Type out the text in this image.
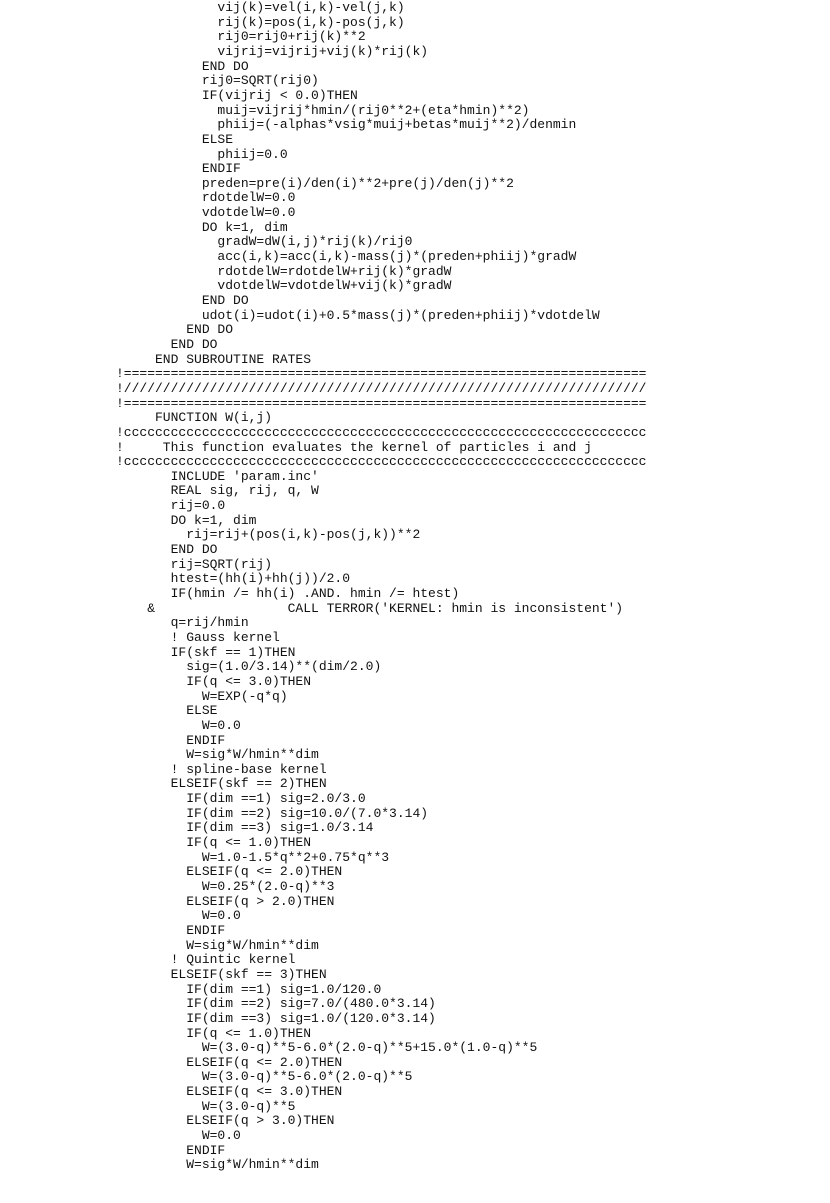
vij(k)=vel(i,k)-vel(j,k)
rij(k)=pos(i,k)-pos(j,k)
rij0=rij0+rij(k)**2
vijrij=vijrij+vij(k)*rij(k)
END DO
rij0=SQRT(rij0)
IF(vijrij < 0.0)THEN
muij=vijrij*hmin/(rij0**2+(eta*hmin)**2)
phiij=(-alphas*vsig*muij+betas*muij**2)/denmin
ELSE
phiij=0.0
ENDIF
preden=pre(i)/den(i)**2+pre(j)/den(j)**2
rdotdelW=0.0
vdotdelW=0.0
DO k=1, dim
gradW=dW(i,j)*rij(k)/rij0
acc(i,k)=acc(i,k)-mass(j)*(preden+phiij)*gradW
rdotdelW=rdotdelW+rij(k)*gradW
vdotdelW=vdotdelW+vij(k)*gradW
END DO
udot(i)=udot(i)+0.5*mass(j)*(preden+phiij)*vdotdelW
END DO
END DO
END SUBROUTINE RATES
!===================================================================
!///////////////////////////////////////////////////////////////////
!===================================================================
FUNCTION W(i,j)
!ccccccccccccccccccccccccccccccccccccccccccccccccccccccccccccccccccc
!     This function evaluates the kernel of particles i and j
!ccccccccccccccccccccccccccccccccccccccccccccccccccccccccccccccccccc
INCLUDE 'param.inc'
REAL sig, rij, q, W
rij=0.0
DO k=1, dim
rij=rij+(pos(i,k)-pos(j,k))**2
END DO
rij=SQRT(rij)
htest=(hh(i)+hh(j))/2.0
IF(hmin /= hh(i) .AND. hmin /= htest)
&                 CALL TERROR('KERNEL: hmin is inconsistent')
q=rij/hmin
! Gauss kernel
IF(skf == 1)THEN
sig=(1.0/3.14)**(dim/2.0)
IF(q <= 3.0)THEN
W=EXP(-q*q)
ELSE
W=0.0
ENDIF
W=sig*W/hmin**dim
! spline-base kernel
ELSEIF(skf == 2)THEN
IF(dim ==1) sig=2.0/3.0
IF(dim ==2) sig=10.0/(7.0*3.14)
IF(dim ==3) sig=1.0/3.14
IF(q <= 1.0)THEN
W=1.0-1.5*q**2+0.75*q**3
ELSEIF(q <= 2.0)THEN
W=0.25*(2.0-q)**3
ELSEIF(q > 2.0)THEN
W=0.0
ENDIF
W=sig*W/hmin**dim
! Quintic kernel
ELSEIF(skf == 3)THEN
IF(dim ==1) sig=1.0/120.0
IF(dim ==2) sig=7.0/(480.0*3.14)
IF(dim ==3) sig=1.0/(120.0*3.14)
IF(q <= 1.0)THEN
W=(3.0-q)**5-6.0*(2.0-q)**5+15.0*(1.0-q)**5
ELSEIF(q <= 2.0)THEN
W=(3.0-q)**5-6.0*(2.0-q)**5
ELSEIF(q <= 3.0)THEN
W=(3.0-q)**5
ELSEIF(q > 3.0)THEN
W=0.0
ENDIF
W=sig*W/hmin**dim
